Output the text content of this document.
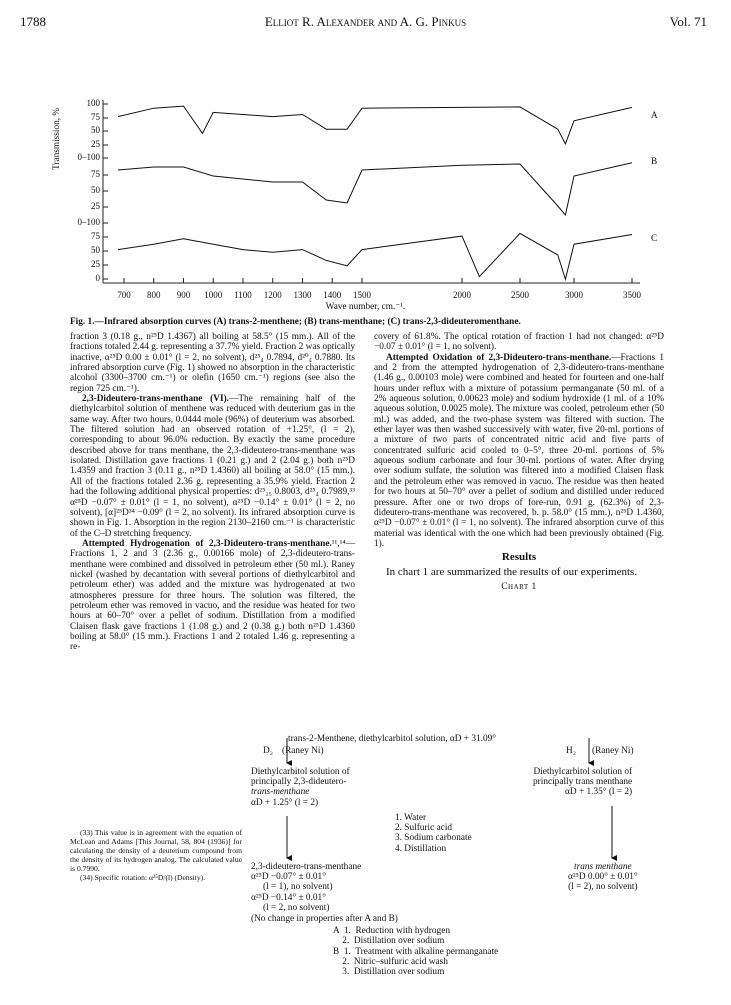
1788	Elliot R. Alexander and A. G. Pinkus	Vol. 71
Transmission, %
100
75
50
25
0–100
75
50
25
0–100
75
50
25
0
700 800 900 1000 1100 1200 1300 1400 1500	2000	2500	3000	3500
Wave number, cm.⁻¹.
A
B
C
Fig. 1.—Infrared absorption curves (A) trans-2-menthene; (B) trans-menthane; (C) trans-2,3-dideuteromenthane.

fraction 3 (0.18 g., n²⁵D 1.4367) all boiling at 58.5° (15 mm.). All of the fractions totaled 2.44 g. representing a 37.7% yield. Fraction 2 was optically inactive, α²⁵D 0.00 ± 0.01° (l = 2, no solvent), d²⁵₄ 0.7894, d²⁰₄ 0.7880. Its infrared absorption curve (Fig. 1) showed no absorption in the characteristic alcohol (3300–3700 cm.⁻¹) or olefin (1650 cm.⁻¹) regions (see also the region 725 cm.⁻¹).

2,3-Dideutero-trans-menthane (VI).—The remaining half of the diethylcarbitol solution of menthene was reduced with deuterium gas in the same way. After two hours, 0.0444 mole (96%) of deuterium was absorbed. The filtered solution had an observed rotation of +1.25°, (l = 2), corresponding to about 96.0% reduction. By exactly the same procedure described above for trans menthane, the 2,3-dideutero-trans-menthane was isolated. Distillation gave fractions 1 (0.21 g.) and 2 (2.04 g.) both n²⁵D 1.4359 and fraction 3 (0.11 g., n²⁵D 1.4360) all boiling at 58.0° (15 mm.). All of the fractions totaled 2.36 g. representing a 35.9% yield. Fraction 2 had the following additional physical properties: d²⁵₂₅ 0.8003, d²⁵₄ 0.7989,³³ α²⁵D −0.07° ± 0.01° (l = 1, no solvent), α²⁵D −0.14° ± 0.01° (l = 2, no solvent), [α]²⁵D³⁴ −0.09° (l = 2, no solvent). Its infrared absorption curve is shown in Fig. 1. Absorption in the region 2130–2160 cm.⁻¹ is characteristic of the C–D stretching frequency.

Attempted Hydrogenation of 2,3-Dideutero-trans-menthane.¹¹,¹⁴—Fractions 1, 2 and 3 (2.36 g., 0.00166 mole) of 2,3-dideutero-trans-menthane were combined and dissolved in petroleum ether (50 ml.). Raney nickel (washed by decantation with several portions of diethylcarbitol and petroleum ether) was added and the mixture was hydrogenated at two atmospheres pressure for three hours. The solution was filtered, the petroleum ether was removed in vacuo, and the residue was heated for two hours at 60–70° over a pellet of sodium. Distillation from a modified Claisen flask gave fractions 1 (1.08 g.) and 2 (0.38 g.) both n²⁵D 1.4360 boiling at 58.0° (15 mm.). Fractions 1 and 2 totaled 1.46 g. representing a re-

(33) This value is in agreement with the equation of McLean and Adams [This Journal, 58, 804 (1936)] for calculating the density of a deuterium compound from the density of its hydrogen analog. The calculated value is 0.7990.

(34) Specific rotation: α²⁵D/(l) (Density).

covery of 61.8%. The optical rotation of fraction 1 had not changed: α²⁵D −0.07 ± 0.01° (l = 1, no solvent).

Attempted Oxidation of 2,3-Dideutero-trans-menthane.—Fractions 1 and 2 from the attempted hydrogenation of 2,3-dideutero-trans-menthane (1.46 g., 0.00103 mole) were combined and heated for fourteen and one-half hours under reflux with a mixture of potassium permanganate (50 ml. of a 2% aqueous solution, 0.00623 mole) and sodium hydroxide (1 ml. of a 10% aqueous solution, 0.0025 mole). The mixture was cooled, petroleum ether (50 ml.) was added, and the two-phase system was filtered with suction. The ether layer was then washed successively with water, five 20-ml. portions of a mixture of two parts of concentrated nitric acid and five parts of concentrated sulfuric acid cooled to 0–5°, three 20-ml. portions of 5% aqueous sodium carbonate and four 30-ml. portions of water. After drying over sodium sulfate, the solution was filtered into a modified Claisen flask and the petroleum ether was removed in vacuo. The residue was then heated for two hours at 50–70° over a pellet of sodium and distilled under reduced pressure. After one or two drops of fore-run, 0.91 g. (62.3%) of 2,3-dideutero-trans-menthane was recovered, b. p. 58.0° (15 mm.), n²⁵D 1.4360, α²⁵D −0.07° ± 0.01° (l = 1, no solvent). The infrared absorption curve of this material was identical with the one which had been previously obtained (Fig. 1).

Results

In chart 1 are summarized the results of our experiments.

Chart 1
trans-2-Menthene, diethylcarbitol solution, αD + 31.09°
D₂ (Raney Ni)	H₂ (Raney Ni)
Diethylcarbitol solution of
principally 2,3-dideutero-
trans-menthane
αD + 1.25° (l = 2)
Diethylcarbitol solution of
principally trans menthane
αD + 1.35° (l = 2)
1. Water
2. Sulfuric acid
3. Sodium carbonate
4. Distillation
2,3-dideutero-trans-menthane
α²⁵D −0.07° ± 0.01°
(l = 1), no solvent)
α²⁵D −0.14° ± 0.01°
(l = 2, no solvent)
trans menthane
α²⁵D 0.00° ± 0.01°
(l = 2), no solvent)
(No change in properties after A and B)
A  1.  Reduction with hydrogen
2.  Distillation over sodium
B  1.  Treatment with alkaline permanganate
2.  Nitric–sulfuric acid wash
3.  Distillation over sodium
